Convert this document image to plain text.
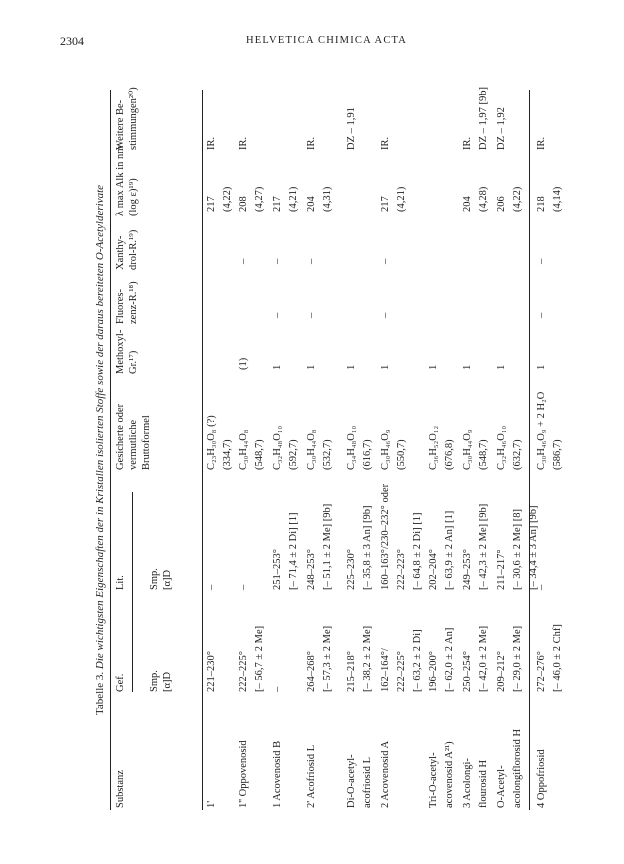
2304	HELVETICA CHIMICA ACTA
Tabelle 3. Die wichtigsten Eigenschaften der in Kristallen isolierten Stoffe sowie der daraus bereiteten O-Acetylderivate
Substanz
Gef.
Lit.
Smp. [α]D
Smp. [α]D
Gesicherte oder vermutliche Bruttoformel
Methoxyl- Gr.¹⁷)
Fluores- zenz-R.¹⁸)
Xanthy- drol-R.¹⁹)
λ max Alk in nm (log ε)¹⁹)
Weitere Be- stimmungen²⁰)
1'
221–230°
–
C₂₃H₃₀O₈ (?) (334,7)
217 (4,22)
IR.
1'' Oppovenosid
222–225° [– 56,7 ± 2 Me]
–
C₃₀H₄₄O₈ (548,7)
(1)
–
208 (4,27)
IR.
1 Acovenosid B
–
251–253° [– 71,4 ± 2 Di] [1]
C₃₂H₄₈O₁₀ (592,7)
1
–
–
217 (4,21)
2' Acofriosid L
264–268° [– 57,3 ± 2 Me]
248–253° [– 51,1 ± 2 Me] [9b]
C₃₀H₄₄O₈ (532,7)
1
–
–
204 (4,31)
IR.
Di-O-acetyl- acofriosid L
215–218° [– 38,2 ± 2 Me]
225–230° [– 35,8 ± 3 An] [9b]
C₃₄H₄₈O₁₀ (616,7)
1
DZ – 1,91
2 Acovenosid A
162–164°/ 222–225° [– 63,2 ± 2 Di]
160–163°/230–232° oder 222–223° [– 64,8 ± 2 Di] [1]
C₃₀H₄₆O₉ (550,7)
1
–
–
217 (4,21)
IR.
Tri-O-acetyl- acovenosid A²¹)
196–200° [– 62,0 ± 2 An]
202–204° [– 63,9 ± 2 An] [1]
C₃₆H₅₂O₁₂ (676,8)
1
3 Acolongi- flourosid H
250–254° [– 42,0 ± 2 Me]
249–253° [– 42,3 ± 2 Me] [9b]
C₃₀H₄₄O₉ (548,7)
1
204 (4,28)
IR. DZ – 1,97 [9b]
O-Acetyl- acolongiflorosid H
209–212° [– 29,0 ± 2 Me]
211–217° [– 30,6 ± 2 Me] [8] [– 34,4 ± 3 An] [9b]
C₃₂H₄₆O₁₀ (632,7)
1
206 (4,22)
DZ – 1,92
4 Oppofriosid
272–276° [– 46,0 ± 2 Chf]
–
C₃₀H₄₆O₉ + 2 H₂O (586,7)
1
–
–
218 (4,14)
IR.
